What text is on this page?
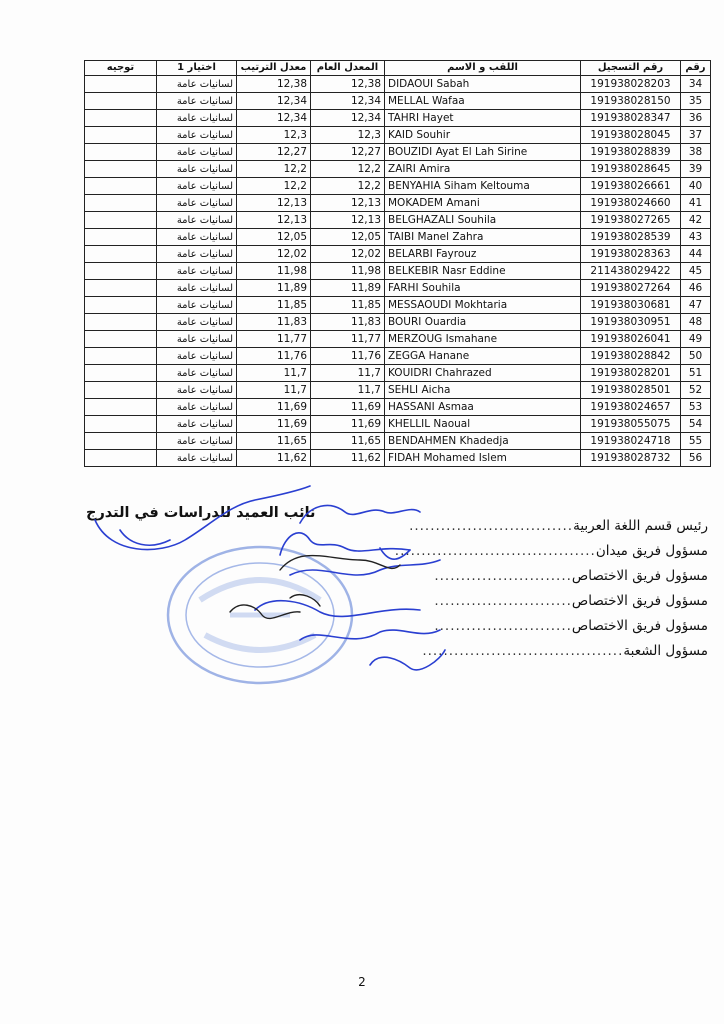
توجيه	اختيار 1	معدل الترتيب	المعدل العام	اللقب و الاسم	رقم التسجيل	رقم
	لسانيات عامة	12,38	12,38	DIDAOUI Sabah	191938028203	34
	لسانيات عامة	12,34	12,34	MELLAL Wafaa	191938028150	35
	لسانيات عامة	12,34	12,34	TAHRI Hayet	191938028347	36
	لسانيات عامة	12,3	12,3	KAID Souhir	191938028045	37
	لسانيات عامة	12,27	12,27	BOUZIDI Ayat El Lah Sirine	191938028839	38
	لسانيات عامة	12,2	12,2	ZAIRI Amira	191938028645	39
	لسانيات عامة	12,2	12,2	BENYAHIA Siham Keltouma	191938026661	40
	لسانيات عامة	12,13	12,13	MOKADEM Amani	191938024660	41
	لسانيات عامة	12,13	12,13	BELGHAZALI Souhila	191938027265	42
	لسانيات عامة	12,05	12,05	TAIBI Manel Zahra	191938028539	43
	لسانيات عامة	12,02	12,02	BELARBI Fayrouz	191938028363	44
	لسانيات عامة	11,98	11,98	BELKEBIR Nasr Eddine	211438029422	45
	لسانيات عامة	11,89	11,89	FARHI Souhila	191938027264	46
	لسانيات عامة	11,85	11,85	MESSAOUDI Mokhtaria	191938030681	47
	لسانيات عامة	11,83	11,83	BOURI Ouardia	191938030951	48
	لسانيات عامة	11,77	11,77	MERZOUG Ismahane	191938026041	49
	لسانيات عامة	11,76	11,76	ZEGGA Hanane	191938028842	50
	لسانيات عامة	11,7	11,7	KOUIDRI Chahrazed	191938028201	51
	لسانيات عامة	11,7	11,7	SEHLI Aicha	191938028501	52
	لسانيات عامة	11,69	11,69	HASSANI Asmaa	191938024657	53
	لسانيات عامة	11,69	11,69	KHELLIL Naoual	191938055075	54
	لسانيات عامة	11,65	11,65	BENDAHMEN Khadedja	191938024718	55
	لسانيات عامة	11,62	11,62	FIDAH Mohamed Islem	191938028732	56
نائب العميد للدراسات في التدرج
رئيس قسم اللغة العربية
...............................
مسؤول فريق ميدان
......................................
مسؤول فريق الاختصاص
..........................
مسؤول فريق الاختصاص
..........................
مسؤول فريق الاختصاص
..........................
مسؤول الشعبة
......................................
2
